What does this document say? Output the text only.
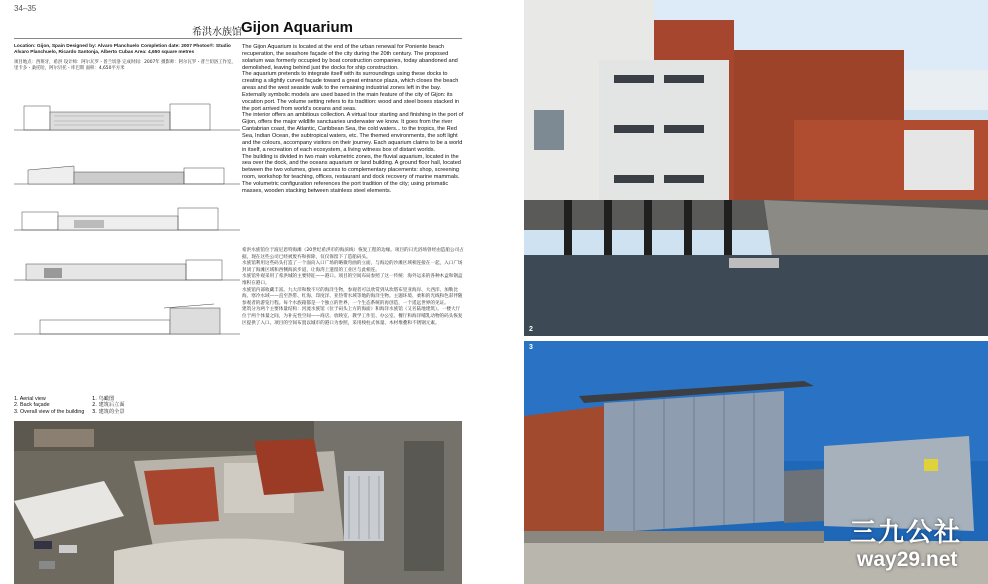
34–35
希洪水族馆 Gijon Aquarium
Location: Gijon, Spain Designed by: Alvaro Planchuelo Completion date: 2007 Photos®: Studio Alvaro Planchuelo, Ricardo Santonja, Alberto Cubas Area: 4,650 square metres
项目地点：西班牙，希洪 设计师：阿尔瓦罗・普兰切洛 完成时间：2007年 摄影师：阿尔瓦罗・普兰切洛工作室，里卡多・桑托哈，阿尔贝托・库巴斯 面积：4,650平方米

The Gijon Aquarium is located at the end of the urban renewal for Poniente beach recuperation, the seashore façade of the city during the 20th century. The proposed solarium was formerly occupied by boat construction companies, today abandoned and demolished, leaving behind just the docks for ship construction.

The aquarium pretends to integrate itself with its surroundings using these docks to creating a slightly curved façade toward a great entrance plaza, which closes the beach areas and the west seaside walk to the remaining industrial zones left in the bay.

Externally symbolic models are used based in the main feature of the city of Gijon: its vocation port. The volume setting refers to its tradition: wood and steel boxes stacked in the port arrived from world's oceans and seas.

The interior offers an ambitious collection. A virtual tour starting and finishing in the port of Gijon, offers the major wildlife sanctuaries underwater we know. It goes from the river Cantabrian coast, the Atlantic, Caribbean Sea, the cold waters... to the tropics, the Red Sea, Indian Ocean, the subtropical waters, etc. The themed environments, the soft light and the colours, accompany visitors on their journey. Each aquarium claims to be a world in itself, a recreation of each ecosystem, a living witness box of distant worlds.

The building is divided in two main volumetric zones, the fluvial aquarium, located in the sea over the dock, and the oceans aquarium or land building. A ground floor hall, located between the two volumes, gives access to complementary placements: shop, screening room, workshop for teaching, offices, restaurant and dock recovery of marine mammals. The volumetric configuration references the port tradition of the city; using prismatic masses, wooden stacking between stainless steel elements.

希洪水族馆位于波尼恩特海滩（20世纪希洪市的海滨线）恢复工程的边缘。项目的日光浴场曾经由造船公司占据，现在这些公司已经被废弃和拆除，仅仅保留下了造船码头。
水族馆利用这些码头打造了一个面向入口广场的略微弯曲的立面，与海边的沙滩区域相连接在一起，入口广场封闭了海滩区域和西侧海滨步道，让海湾上遗留的工业区与此相连。
水族馆外观采用了希洪城的主要特征——港口。项目的空间布局参照了这一传统：海外运来的各种木盒和钢盒堆积在港口。
水族馆内部收藏丰富。九大洋和数不尽的海洋生物，参观者可以欣赏到从坎塔布里亚海岸、大西洋、加勒比海、寒冷水域——直至热带、红海、印度洋、亚热带水域等地的海洋生物。主题环境、柔和的光线和色彩伴随参观者的游览行程。每个水族箱都是一个独立的世界，一个生态系统的再创造，一个遥远世界的见证。
建筑分为两个主要体量结构：河流水族馆（位于码头上方的海面）和海洋水族馆（又名陆地建筑）。一楼大厅位于两个体量之间，为补充性空间——商店、放映室、教学工作室、办公室、餐厅和海洋哺乳动物的码头恢复区提供了入口。项目的空间布置以城市的港口为参照，采用棱柱式体量、木材堆叠和不锈钢元素。
1. Aerial view
2. Back façade
3. Overall view of the building
1. 鸟瞰图
2. 建筑后立面
3. 建筑的全景
2
3
三九公社
way29.net
